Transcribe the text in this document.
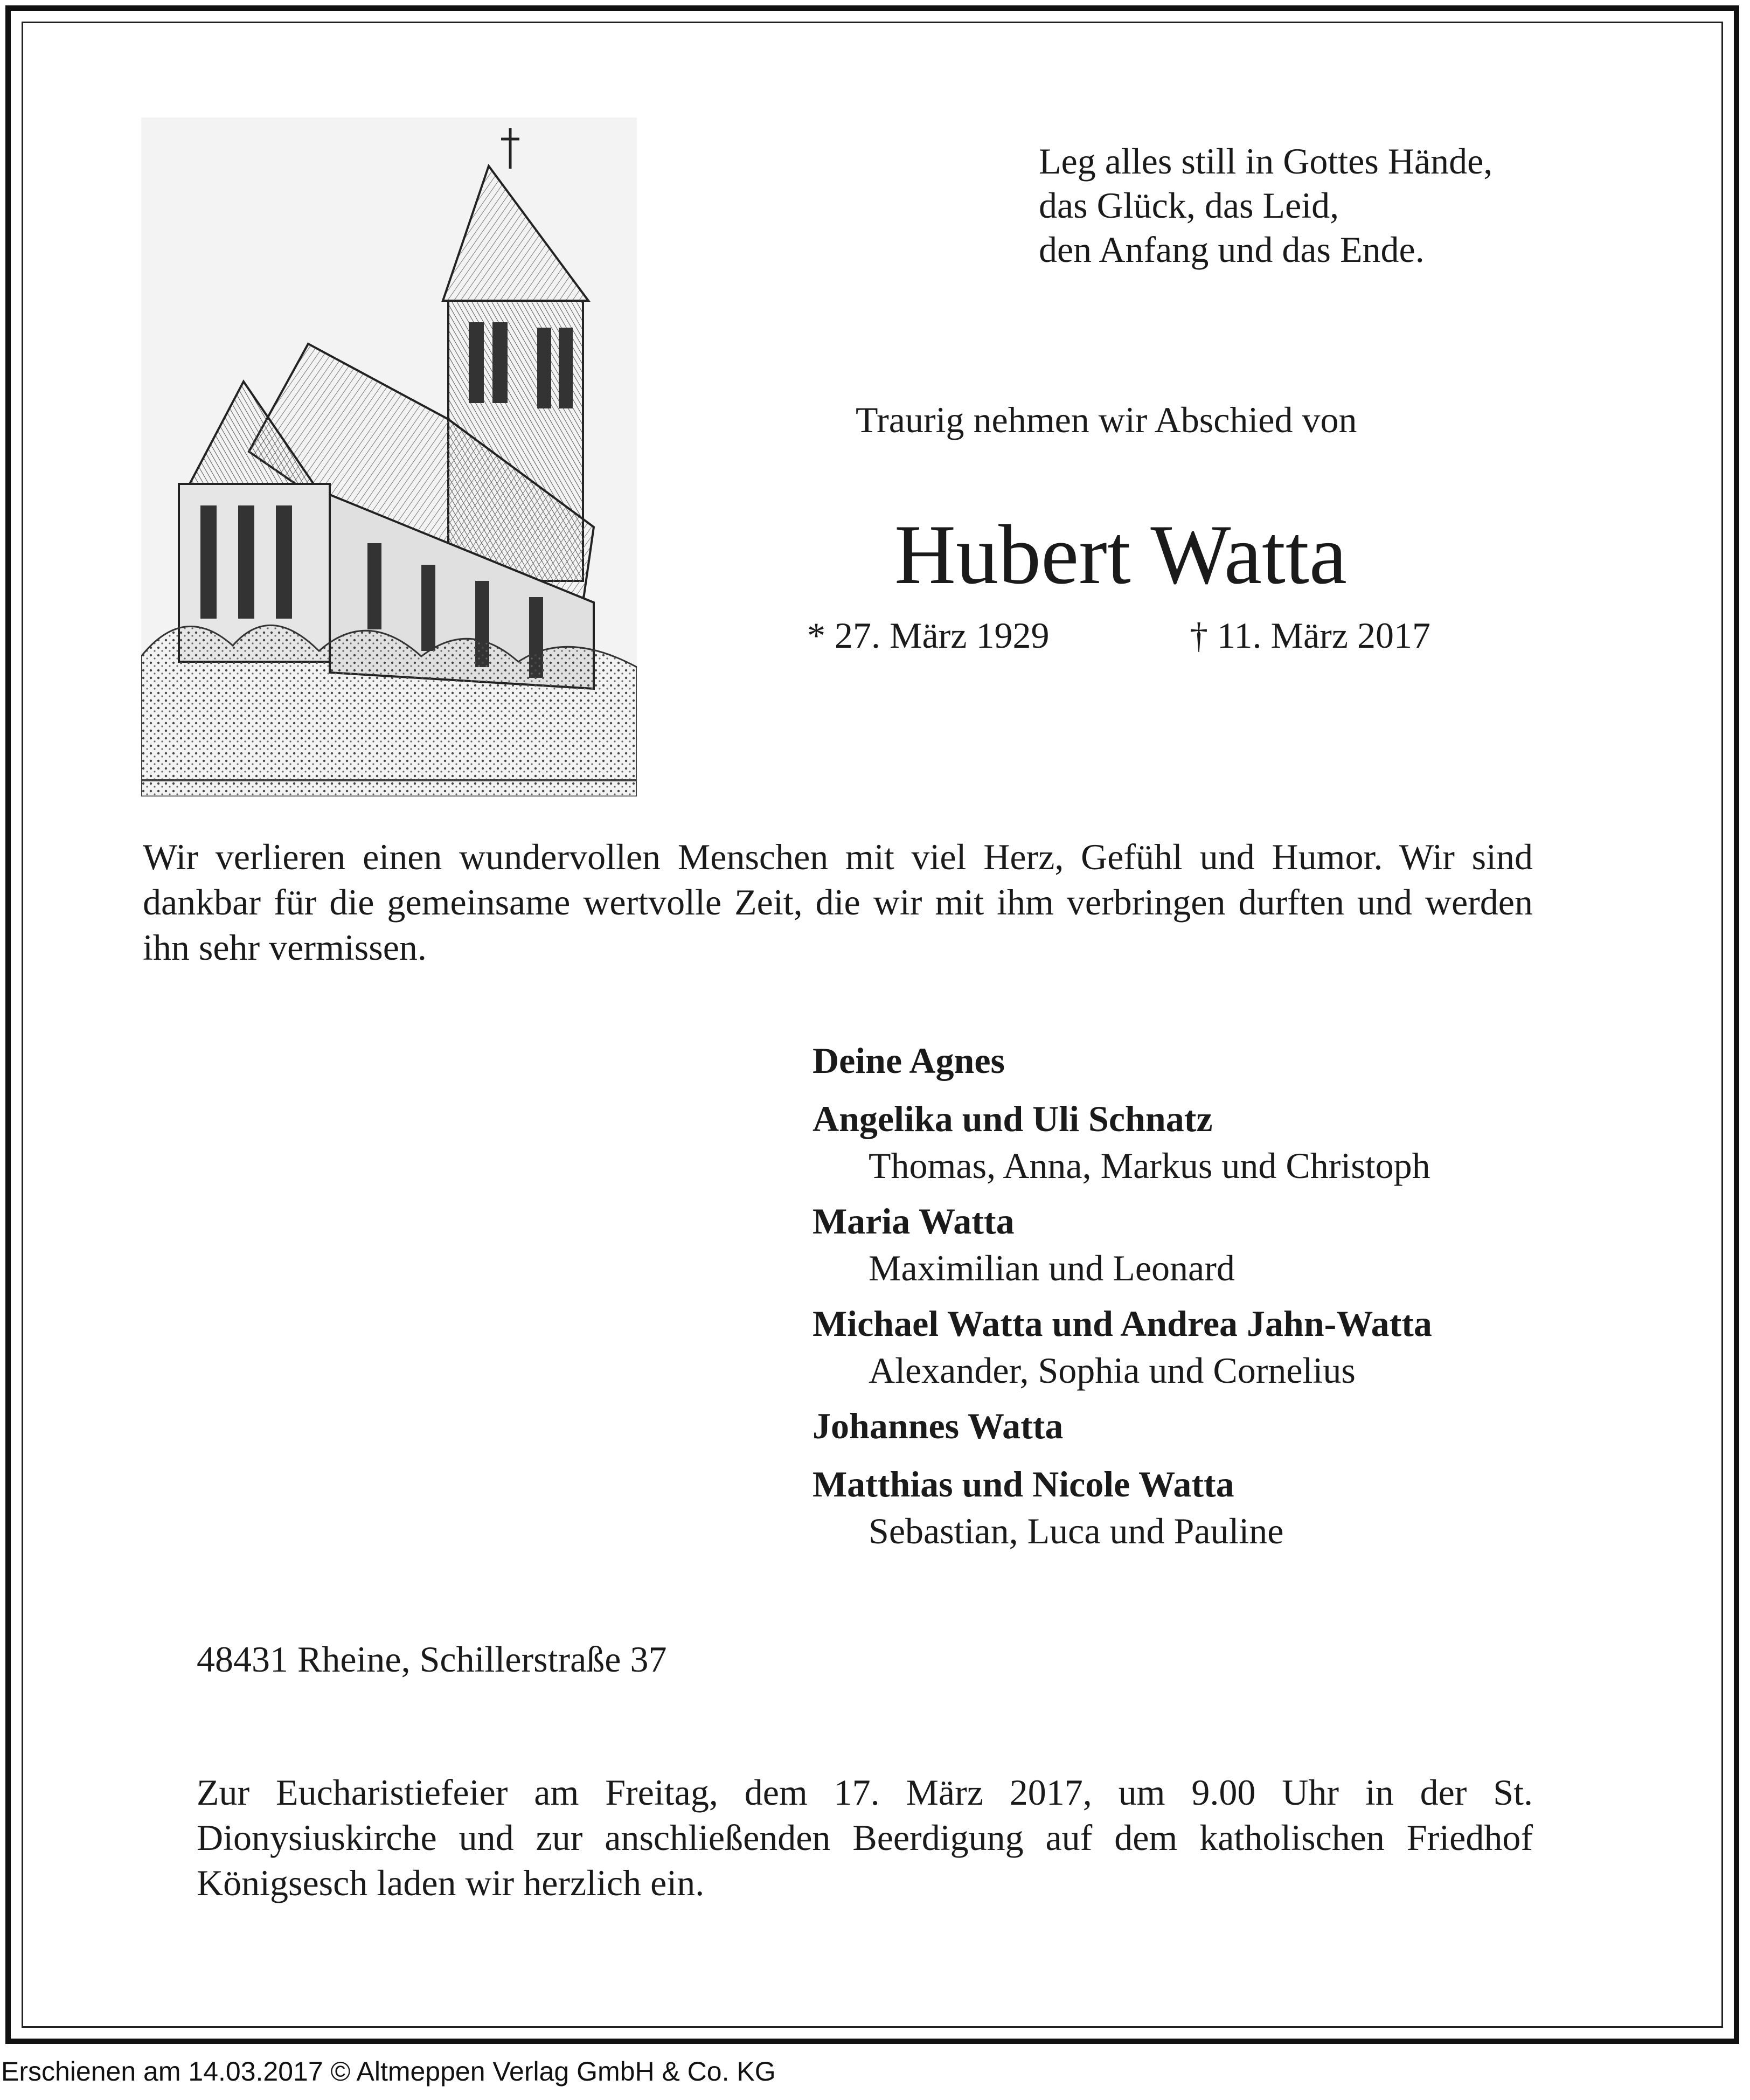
Leg alles still in Gottes Hände,
das Glück, das Leid,
den Anfang und das Ende.
Traurig nehmen wir Abschied von
Hubert Watta
* 27. März 1929	† 11. März 2017
Wir verlieren einen wundervollen Menschen mit viel Herz, Gefühl und Humor. Wir sind dankbar für die gemeinsame wertvolle Zeit, die wir mit ihm verbringen durften und werden ihn sehr vermissen.
Deine Agnes
Angelika und Uli Schnatz
Thomas, Anna, Markus und Christoph
Maria Watta
Maximilian und Leonard
Michael Watta und Andrea Jahn-Watta
Alexander, Sophia und Cornelius
Johannes Watta
Matthias und Nicole Watta
Sebastian, Luca und Pauline
48431 Rheine, Schillerstraße 37
Zur Eucharistiefeier am Freitag, dem 17. März 2017, um 9.00 Uhr in der St. Dionysiuskirche und zur anschließenden Beerdigung auf dem katholischen Friedhof Königsesch laden wir herzlich ein.
Erschienen am 14.03.2017 © Altmeppen Verlag GmbH & Co. KG
